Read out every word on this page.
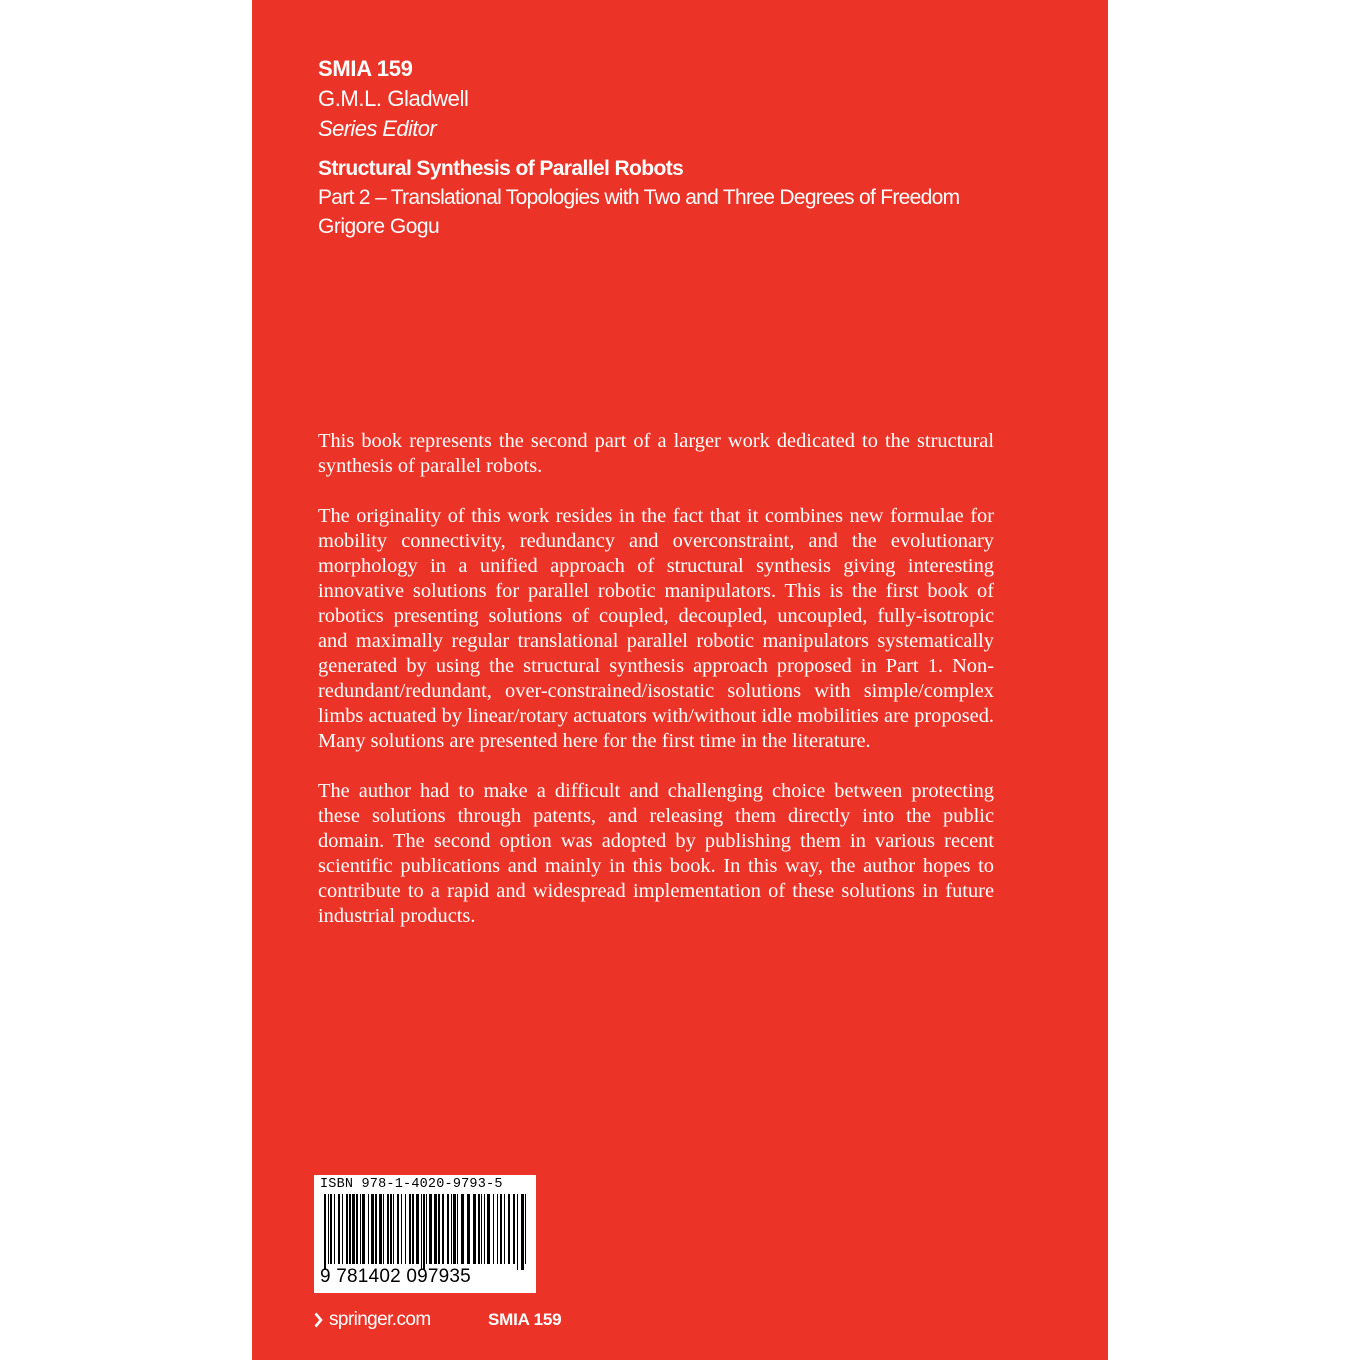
SMIA 159
G.M.L. Gladwell
Series Editor
Structural Synthesis of Parallel Robots
Part 2 – Translational Topologies with Two and Three Degrees of Freedom
Grigore Gogu

This book represents the second part of a larger work dedicated to the structural synthesis of parallel robots.

The originality of this work resides in the fact that it combines new formulae for mobility connectivity, redundancy and overconstraint, and the evolutionary morphology in a unified approach of structural synthesis giving interesting innovative solutions for parallel robotic manipulators. This is the first book of robotics presenting solutions of coupled, decoupled, uncoupled, fully-isotropic and maximally regular translational parallel robotic manipulators systematically generated by using the structural synthesis approach proposed in Part 1. Non-redundant/redundant, over-constrained/isostatic solutions with simple/complex limbs actuated by linear/rotary actuators with/without idle mobilities are proposed. Many solutions are presented here for the first time in the literature.

The author had to make a difficult and challenging choice between protecting these solutions through patents, and releasing them directly into the public domain. The second option was adopted by publishing them in various recent scientific publications and mainly in this book. In this way, the author hopes to contribute to a rapid and widespread implementation of these solutions in future industrial products.

ISBN 978-1-4020-9793-5
9 781402 097935
springer.com	SMIA 159
